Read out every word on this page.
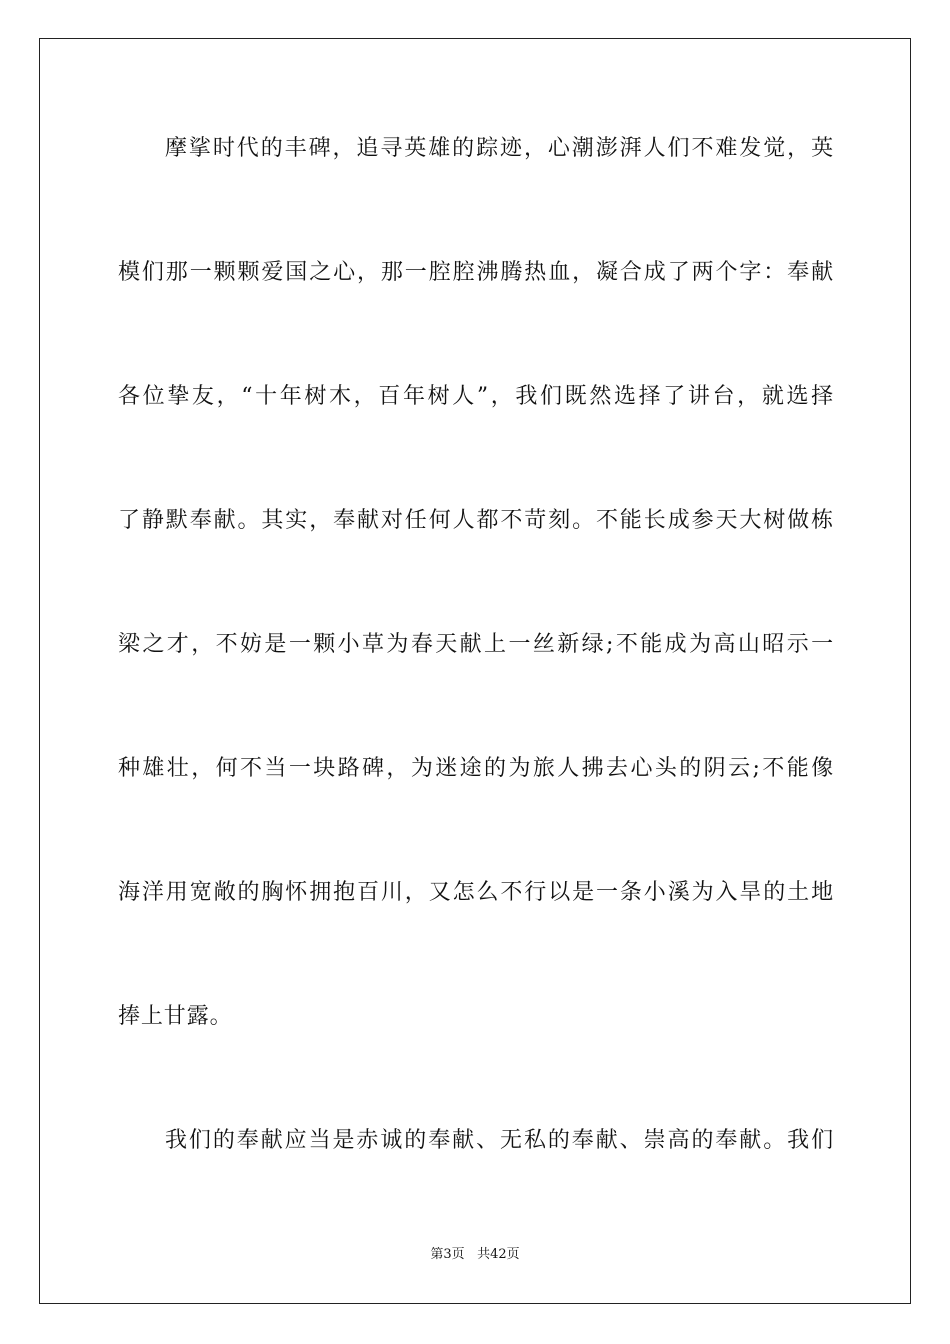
摩挲时代的丰碑，追寻英雄的踪迹，心潮澎湃人们不难发觉，英
模们那一颗颗爱国之心，那一腔腔沸腾热血，凝合成了两个字：奉献
各位挚友，“十年树木，百年树人”，我们既然选择了讲台，就选择
了静默奉献。其实，奉献对任何人都不苛刻。不能长成参天大树做栋
梁之才，不妨是一颗小草为春天献上一丝新绿;不能成为高山昭示一
种雄壮，何不当一块路碑，为迷途的为旅人拂去心头的阴云;不能像
海洋用宽敞的胸怀拥抱百川，又怎么不行以是一条小溪为入旱的土地
捧上甘露。
我们的奉献应当是赤诚的奉献、无私的奉献、崇高的奉献。我们
第3页 共42页
